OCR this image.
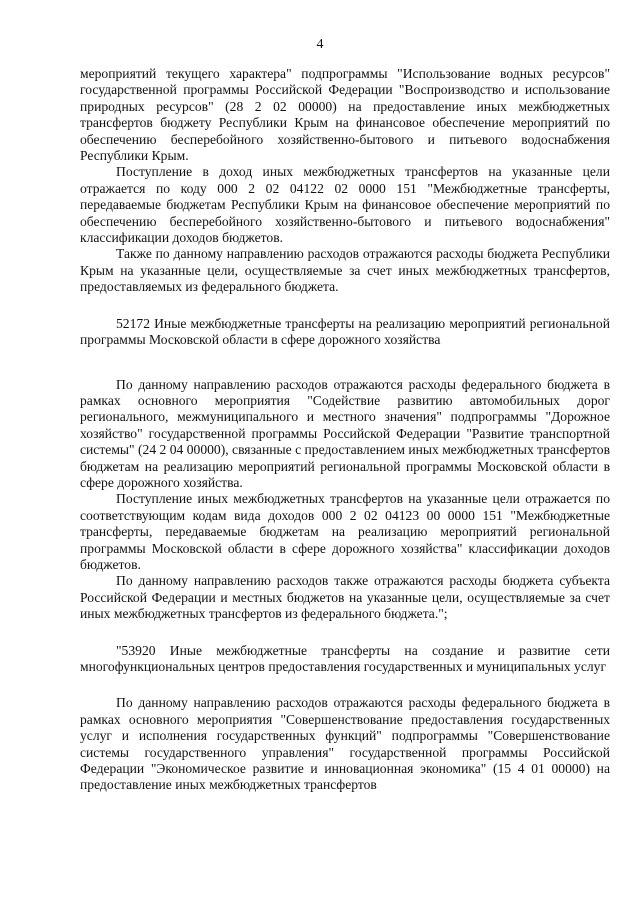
4

мероприятий текущего характера" подпрограммы "Использование водных ресурсов" государственной программы Российской Федерации "Воспроизводство и использование природных ресурсов" (28 2 02 00000) на предоставление иных межбюджетных трансфертов бюджету Республики Крым на финансовое обеспечение мероприятий по обеспечению бесперебойного хозяйственно-бытового и питьевого водоснабжения Республики Крым.

Поступление в доход иных межбюджетных трансфертов на указанные цели отражается по коду 000 2 02 04122 02 0000 151 "Межбюджетные трансферты, передаваемые бюджетам Республики Крым на финансовое обеспечение мероприятий по обеспечению бесперебойного хозяйственно-бытового и питьевого водоснабжения" классификации доходов бюджетов.

Также по данному направлению расходов отражаются расходы бюджета Республики Крым на указанные цели, осуществляемые за счет иных межбюджетных трансфертов, предоставляемых из федерального бюджета.

52172 Иные межбюджетные трансферты на реализацию мероприятий региональной программы Московской области в сфере дорожного хозяйства

По данному направлению расходов отражаются расходы федерального бюджета в рамках основного мероприятия "Содействие развитию автомобильных дорог регионального, межмуниципального и местного значения" подпрограммы "Дорожное хозяйство" государственной программы Российской Федерации "Развитие транспортной системы" (24 2 04 00000), связанные с предоставлением иных межбюджетных трансфертов бюджетам на реализацию мероприятий региональной программы Московской области в сфере дорожного хозяйства.

Поступление иных межбюджетных трансфертов на указанные цели отражается по соответствующим кодам вида доходов 000 2 02 04123 00 0000 151 "Межбюджетные трансферты, передаваемые бюджетам на реализацию мероприятий региональной программы Московской области в сфере дорожного хозяйства" классификации доходов бюджетов.

По данному направлению расходов также отражаются расходы бюджета субъекта Российской Федерации и местных бюджетов на указанные цели, осуществляемые за счет иных межбюджетных трансфертов из федерального бюджета.";

"53920 Иные межбюджетные трансферты на создание и развитие сети многофункциональных центров предоставления государственных и муниципальных услуг

По данному направлению расходов отражаются расходы федерального бюджета в рамках основного мероприятия "Совершенствование предоставления государственных услуг и исполнения государственных функций" подпрограммы "Совершенствование системы государственного управления" государственной программы Российской Федерации "Экономическое развитие и инновационная экономика" (15 4 01 00000) на предоставление иных межбюджетных трансфертов
